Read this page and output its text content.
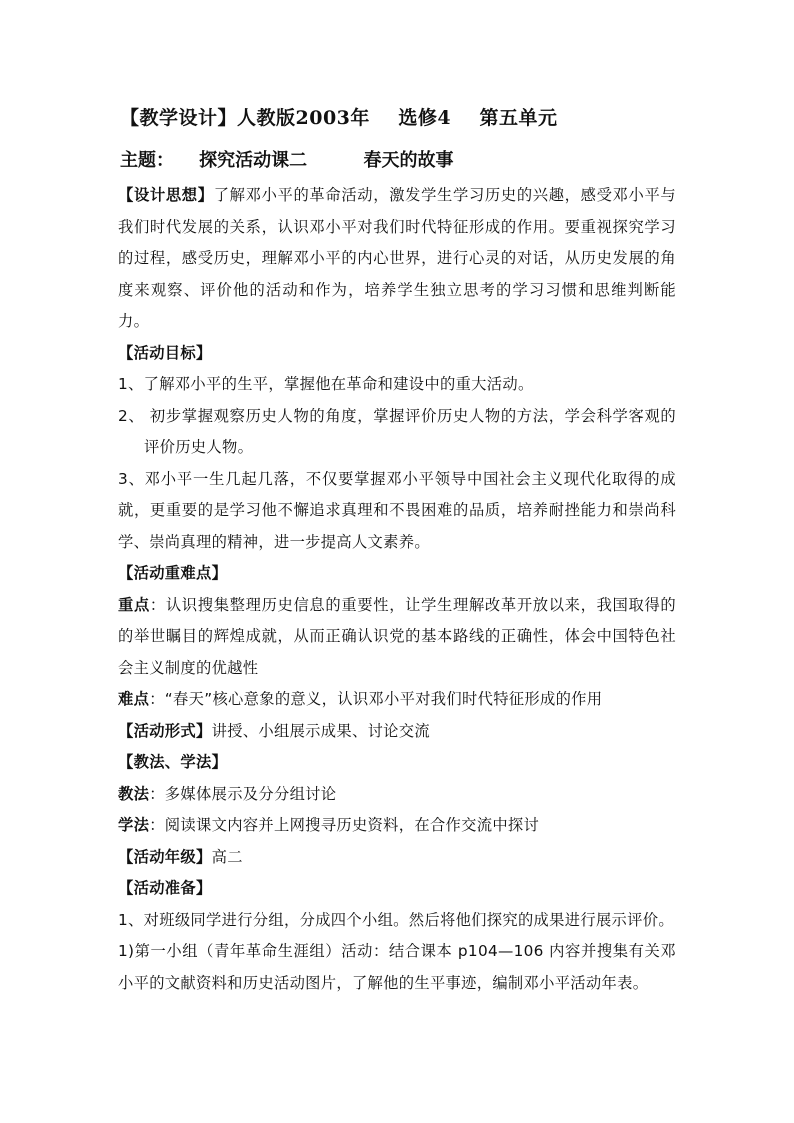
【教学设计】人教版2003年    选修4    第五单元
主题：    探究活动课二         春天的故事

【设计思想】了解邓小平的革命活动，激发学生学习历史的兴趣，感受邓小平与我们时代发展的关系，认识邓小平对我们时代特征形成的作用。要重视探究学习的过程，感受历史，理解邓小平的内心世界，进行心灵的对话，从历史发展的角度来观察、评价他的活动和作为，培养学生独立思考的学习习惯和思维判断能力。

【活动目标】

1、了解邓小平的生平，掌握他在革命和建设中的重大活动。

2、 初步掌握观察历史人物的角度，掌握评价历史人物的方法，学会科学客观的评价历史人物。

3、邓小平一生几起几落，不仅要掌握邓小平领导中国社会主义现代化取得的成就，更重要的是学习他不懈追求真理和不畏困难的品质，培养耐挫能力和崇尚科学、崇尚真理的精神，进一步提高人文素养。

【活动重难点】

重点：认识搜集整理历史信息的重要性，让学生理解改革开放以来，我国取得的的举世瞩目的辉煌成就，从而正确认识党的基本路线的正确性，体会中国特色社会主义制度的优越性

难点：“春天”核心意象的意义，认识邓小平对我们时代特征形成的作用

【活动形式】讲授、小组展示成果、讨论交流

【教法、学法】

教法：多媒体展示及分分组讨论

学法：阅读课文内容并上网搜寻历史资料，在合作交流中探讨

【活动年级】高二

【活动准备】

1、对班级同学进行分组，分成四个小组。然后将他们探究的成果进行展示评价。

1)第一小组（青年革命生涯组）活动：结合课本 p104—106 内容并搜集有关邓小平的文献资料和历史活动图片，了解他的生平事迹，编制邓小平活动年表。
